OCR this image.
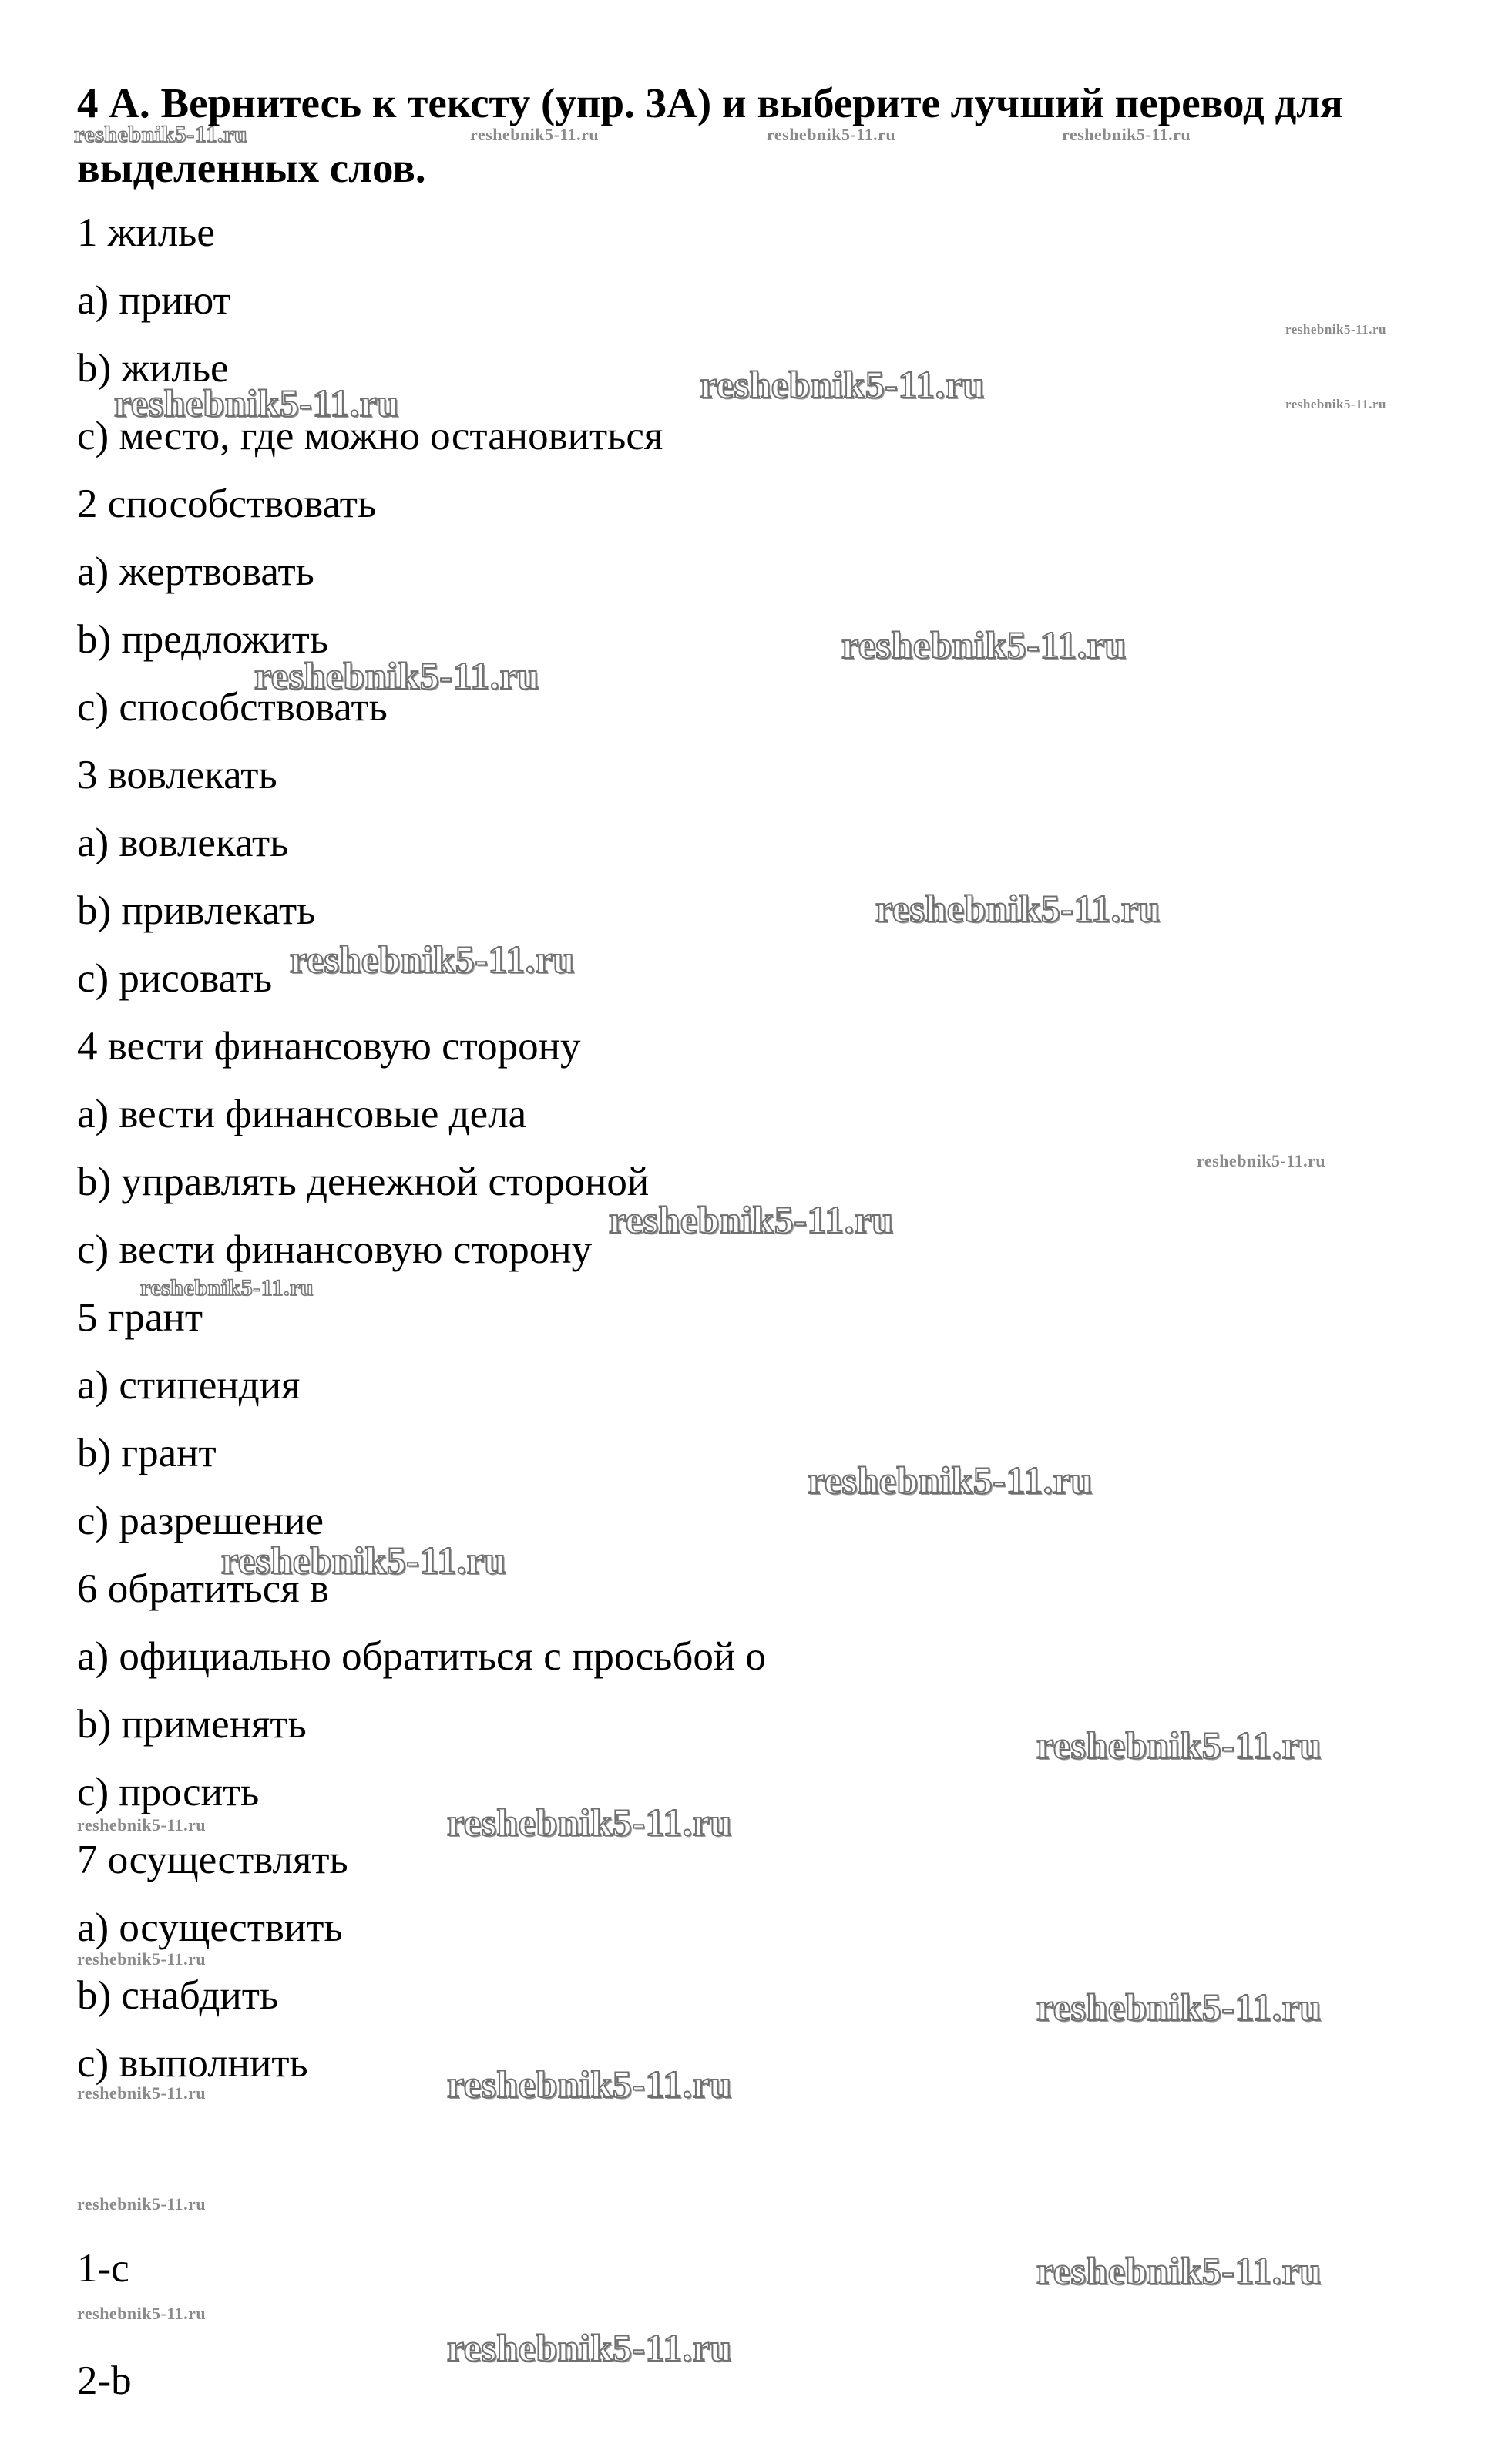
4 А. Вернитесь к тексту (упр. 3А) и выберите лучший перевод для выделенных слов.
1 жилье
a) приют
b) жилье
c) место, где можно остановиться
2 способствовать
a) жертвовать
b) предложить
c) способствовать
3 вовлекать
a) вовлекать
b) привлекать
c) рисовать
4 вести финансовую сторону
a) вести финансовые дела
b) управлять денежной стороной
c) вести финансовую сторону
5 грант
a) стипендия
b) грант
c) разрешение
6 обратиться в
a) официально обратиться с просьбой о
b) применять
c) просить
7 осуществлять
a) осуществить
b) снабдить
c) выполнить
1-c
2-b
reshebnik5-11.ru	reshebnik5-11.ru	reshebnik5-11.ru	reshebnik5-11.ru
reshebnik5-11.ru
reshebnik5-11.ru
reshebnik5-11.ru	reshebnik5-11.ru
reshebnik5-11.ru
reshebnik5-11.ru
reshebnik5-11.ru
reshebnik5-11.ru
reshebnik5-11.ru
reshebnik5-11.ru
reshebnik5-11.ru
reshebnik5-11.ru
reshebnik5-11.ru
reshebnik5-11.ru
reshebnik5-11.ru
reshebnik5-11.ru
reshebnik5-11.ru
reshebnik5-11.ru
reshebnik5-11.ru
reshebnik5-11.ru
reshebnik5-11.ru
reshebnik5-11.ru
reshebnik5-11.ru
reshebnik5-11.ru
